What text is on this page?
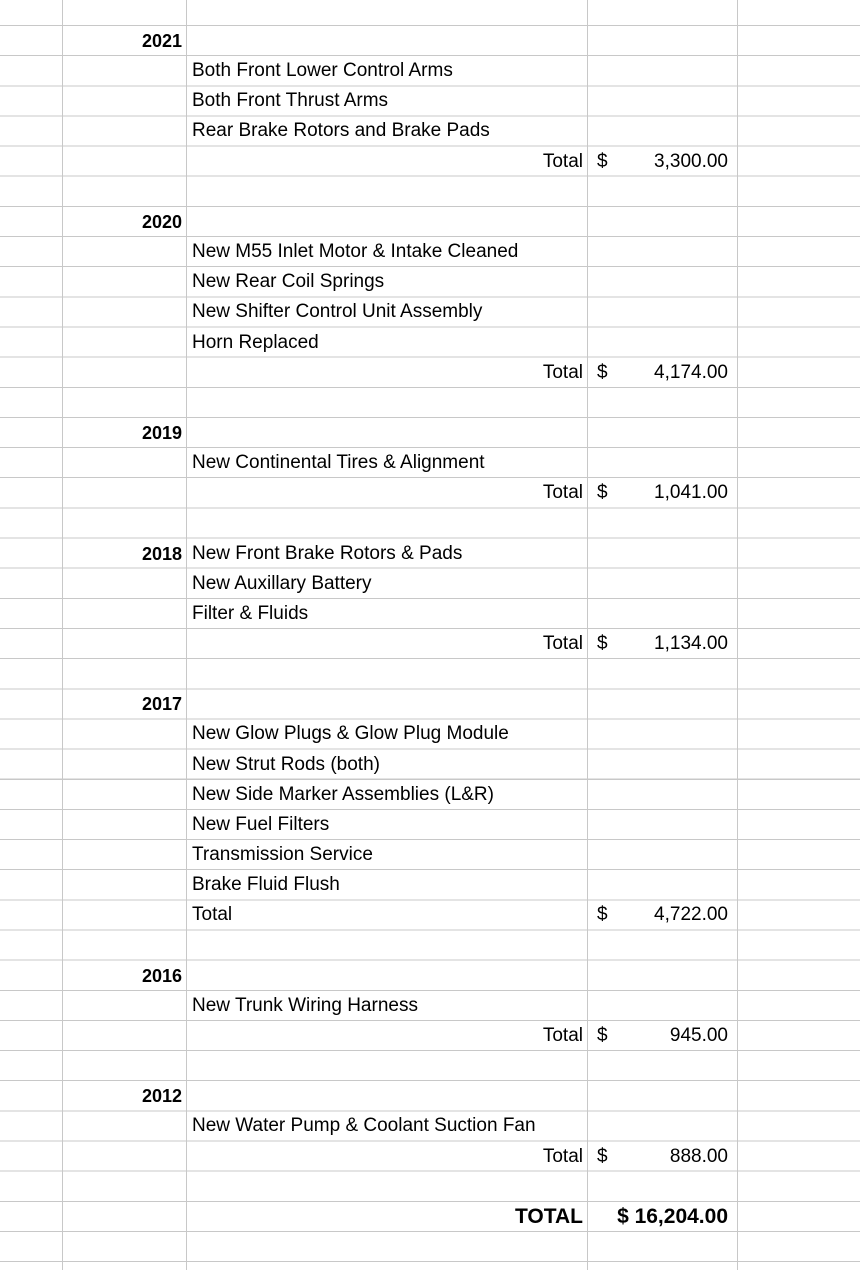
2021
Both Front Lower Control Arms
Both Front Thrust Arms
Rear Brake Rotors and Brake Pads
Total $	3,300.00
2020
New M55 Inlet Motor & Intake Cleaned
New Rear Coil Springs
New Shifter Control Unit Assembly
Horn Replaced
Total $	4,174.00
2019
New Continental Tires & Alignment
Total $	1,041.00
2018 New Front Brake Rotors & Pads
New Auxillary Battery
Filter & Fluids
Total $	1,134.00
2017
New Glow Plugs & Glow Plug Module
New Strut Rods (both)
New Side Marker Assemblies (L&R)
New Fuel Filters
Transmission Service
Brake Fluid Flush
Total	$	4,722.00
2016
New Trunk Wiring Harness
Total $	945.00
2012
New Water Pump & Coolant Suction Fan
Total $	888.00
TOTAL	$ 16,204.00
